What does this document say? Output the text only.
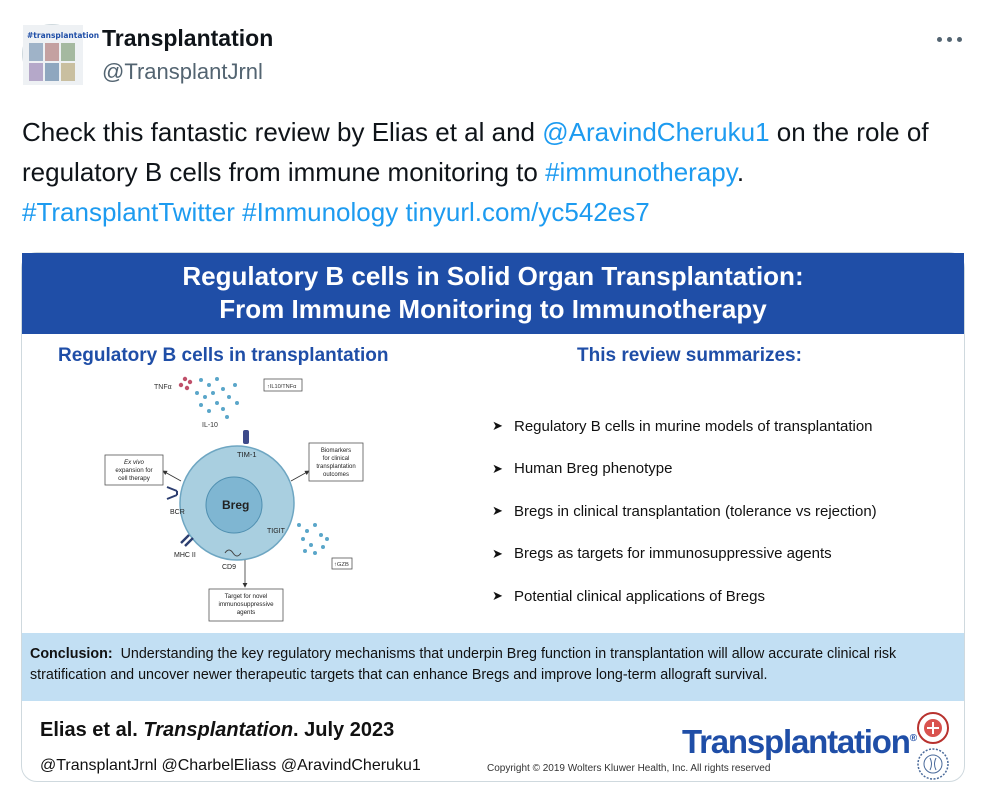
#transplantation Transplantation
@TransplantJrnl
Check this fantastic review by Elias et al and @AravindCheruku1 on the role of regulatory B cells from immune monitoring to #immunotherapy.
#TransplantTwitter #Immunology tinyurl.com/yc542es7
Regulatory B cells in Solid Organ Transplantation:
From Immune Monitoring to Immunotherapy
Regulatory B cells in transplantation	This review summarizes:
TNFα
IL-10
↑IL10/TNFα
Breg
TIM-1
BCR
MHC II
CD9
TIGIT
↑GZB
Ex vivo
expansion for
cell therapy
Biomarkers
for clinical
transplantation
outcomes
Target for novel
immunosuppressive
agents
➤ Regulatory B cells in murine models of transplantation
➤ Human Breg phenotype
➤ Bregs in clinical transplantation (tolerance vs rejection)
➤ Bregs as targets for immunosuppressive agents
➤ Potential clinical applications of Bregs
Conclusion: Understanding the key regulatory mechanisms that underpin Breg function in transplantation will allow accurate clinical risk stratification and uncover newer therapeutic targets that can enhance Bregs and improve long-term allograft survival.
Elias et al. Transplantation. July 2023
@TransplantJrnl @CharbelEliass @AravindCheruku1	Copyright © 2019 Wolters Kluwer Health, Inc. All rights reserved
Transplantation®
